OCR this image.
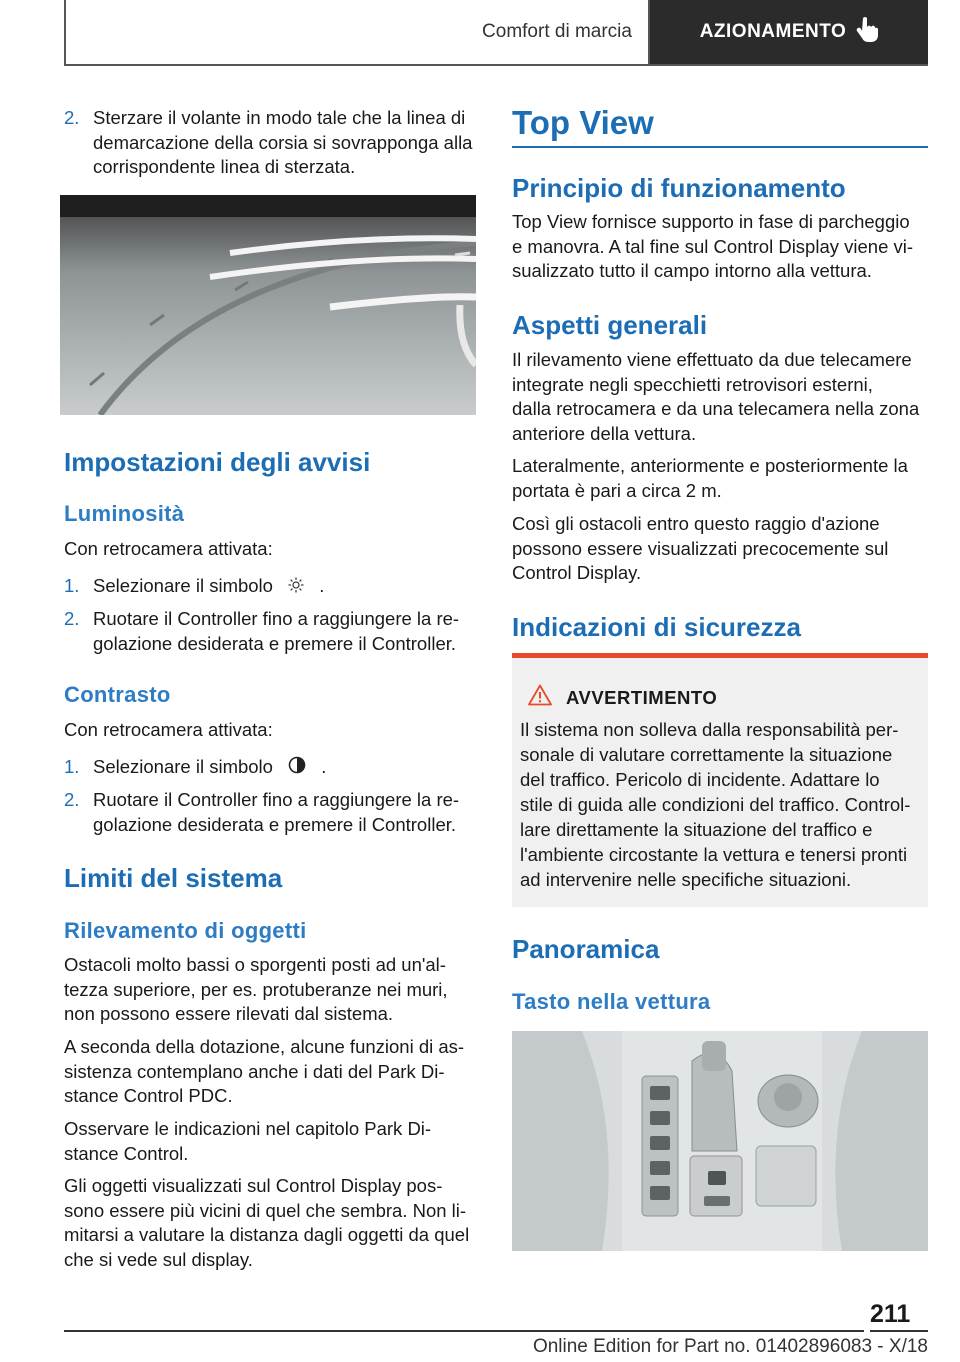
Comfort di marcia	AZIONAMENTO
2. Sterzare il volante in modo tale che la linea di
demarcazione della corsia si sovrapponga alla
corrispondente linea di sterzata.
Impostazioni degli avvisi
Luminosità
Con retrocamera attivata:
1. Selezionare il simbolo	.
2. Ruotare il Controller fino a raggiungere la re‐
golazione desiderata e premere il Controller.
Contrasto
Con retrocamera attivata:
1. Selezionare il simbolo	.
2. Ruotare il Controller fino a raggiungere la re‐
golazione desiderata e premere il Controller.
Limiti del sistema
Rilevamento di oggetti
Ostacoli molto bassi o sporgenti posti ad un'al‐
tezza superiore, per es. protuberanze nei muri,
non possono essere rilevati dal sistema.
A seconda della dotazione, alcune funzioni di as‐
sistenza contemplano anche i dati del Park Di‐
stance Control PDC.
Osservare le indicazioni nel capitolo Park Di‐
stance Control.
Gli oggetti visualizzati sul Control Display pos‐
sono essere più vicini di quel che sembra. Non li‐
mitarsi a valutare la distanza dagli oggetti da quel
che si vede sul display.
Top View
Principio di funzionamento
Top View fornisce supporto in fase di parcheggio
e manovra. A tal fine sul Control Display viene vi‐
sualizzato tutto il campo intorno alla vettura.
Aspetti generali
Il rilevamento viene effettuato da due telecamere
integrate negli specchietti retrovisori esterni,
dalla retrocamera e da una telecamera nella zona
anteriore della vettura.
Lateralmente, anteriormente e posteriormente la
portata è pari a circa 2 m.
Così gli ostacoli entro questo raggio d'azione
possono essere visualizzati precocemente sul
Control Display.
Indicazioni di sicurezza
AVVERTIMENTO
Il sistema non solleva dalla responsabilità per‐
sonale di valutare correttamente la situazione
del traffico. Pericolo di incidente. Adattare lo
stile di guida alle condizioni del traffico. Control‐
lare direttamente la situazione del traffico e
l'ambiente circostante la vettura e tenersi pronti
ad intervenire nelle specifiche situazioni.
Panoramica
Tasto nella vettura
211
Online Edition for Part no. 01402896083 - X/18
